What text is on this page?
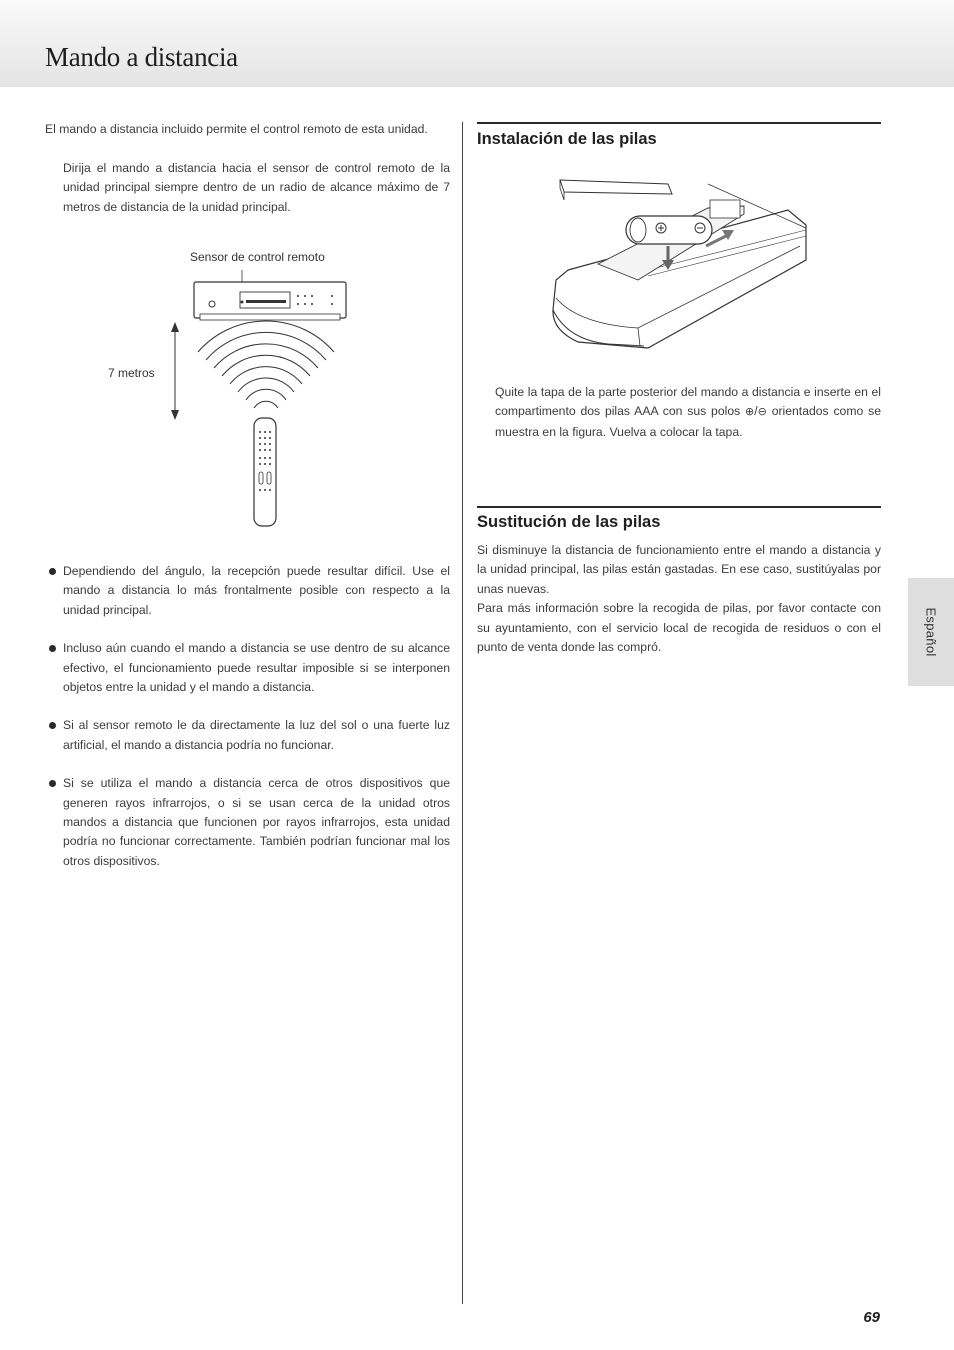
Mando a distancia

El mando a distancia incluido permite el control remoto de esta unidad.

Dirija el mando a distancia hacia el sensor de control remoto de la unidad principal siempre dentro de un radio de alcance máximo de 7 metros de distancia de la unidad principal.

Sensor de control remoto
7 metros
Dependiendo del ángulo, la recepción puede resultar difícil. Use el mando a distancia lo más frontalmente posible con respecto a la unidad principal.
Incluso aún cuando el mando a distancia se use dentro de su alcance efectivo, el funcionamiento puede resultar imposible si se interponen objetos entre la unidad y el mando a distancia.
Si al sensor remoto le da directamente la luz del sol o una fuerte luz artificial, el mando a distancia podría no funcionar.
Si se utiliza el mando a distancia cerca de otros dispositivos que generen rayos infrarrojos, o si se usan cerca de la unidad otros mandos a distancia que funcionen por rayos infrarrojos, esta unidad podría no funcionar correctamente. También podrían funcionar mal los otros dispositivos.
Instalación de las pilas

Quite la tapa de la parte posterior del mando a distancia e inserte en el compartimento dos pilas AAA con sus polos ⊕/⊖ orientados como se muestra en la figura. Vuelva a colocar la tapa.

Sustitución de las pilas

Si disminuye la distancia de funcionamiento entre el mando a distancia y la unidad principal, las pilas están gastadas. En ese caso, sustitúyalas por unas nuevas.

Para más información sobre la recogida de pilas, por favor contacte con su ayuntamiento, con el servicio local de recogida de residuos o con el punto de venta donde las compró.	Español
69
